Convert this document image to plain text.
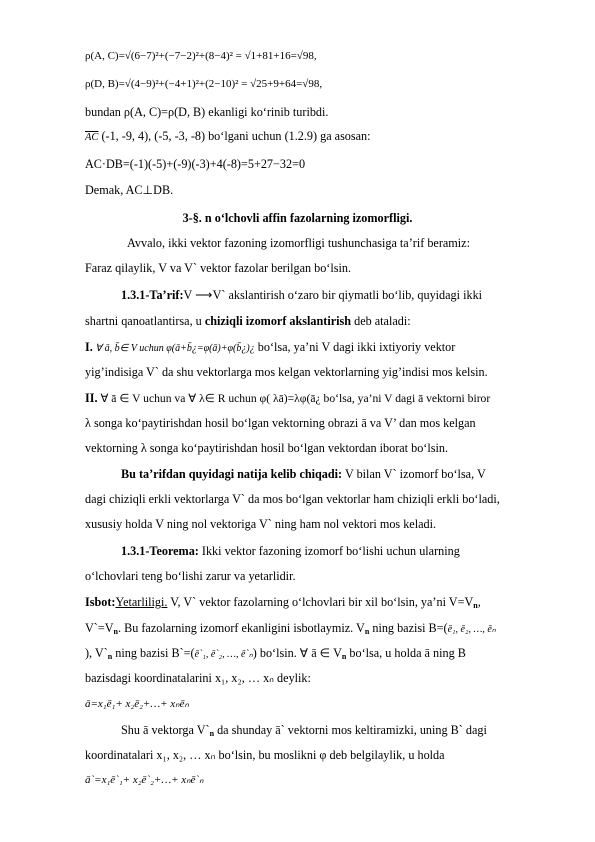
ρ(A, C)=√(6−7)²+(−7−2)²+(8−4)² = √1+81+16=√98,
ρ(D, B)=√(4−9)²+(−4+1)²+(2−10)² = √25+9+64=√98,
bundan ρ(A, C)=ρ(D, B) ekanligi ko‘rinib turibdi.
$\overline{AC}$ (-1, -9, 4), (-5, -3, -8) bo‘lgani uchun (1.2.9) ga asosan:
AC·DB=(-1)(-5)+(-9)(-3)+4(-8)=5+27−32=0
Demak, AC⊥DB.
3-§. n o‘lchovli affin fazolarning izomorfligi.
Avvalo, ikki vektor fazoning izomorfligi tushunchasiga ta’rif beramiz:
Faraz qilaylik, V va V` vektor fazolar berilgan bo‘lsin.
1.3.1-Ta’rif:V ⟶V` akslantirish o‘zaro bir qiymatli bo‘lib, quyidagi ikki
shartni qanoatlantirsa, u chiziqli izomorf akslantirish deb ataladi:
I. ∀ ā, b̄∈ V uchun φ(ā+b̄¿=φ(ā)+φ(b̄¿)¿ bo‘lsa, ya’ni V dagi ikki ixtiyoriy vektor
yig’indisiga V` da shu vektorlarga mos kelgan vektorlarning yig’indisi mos kelsin.
II. ∀ ā ∈ V uchun va ∀ λ∈ R uchun φ( λā)=λφ(ā¿ bo‘lsa, ya’ni V dagi ā vektorni biror
λ songa ko‘paytirishdan hosil bo‘lgan vektorning obrazi ā va V’ dan mos kelgan
vektorning λ songa ko‘paytirishdan hosil bo‘lgan vektordan iborat bo‘lsin.
Bu ta’rifdan quyidagi natija kelib chiqadi: V bilan V` izomorf bo‘lsa, V
dagi chiziqli erkli vektorlarga V` da mos bo‘lgan vektorlar ham chiziqli erkli bo‘ladi,
xususiy holda V ning nol vektoriga V` ning ham nol vektori mos keladi.
1.3.1-Teorema: Ikki vektor fazoning izomorf bo‘lishi uchun ularning
o‘lchovlari teng bo‘lishi zarur va yetarlidir.
Isbot:Yetarliligi. V, V` vektor fazolarning o‘lchovlari bir xil bo‘lsin, ya’ni $V=V_n$,
$V`=V_n$. Bu fazolarning izomorf ekanligini isbotlaymiz. $V_n$ ning bazisi B=(ē₁, ē₂, …, ēₙ
), $V`_n$ ning bazisi B`=(ē`₁, ē`₂, …, ē`ₙ) bo‘lsin. ∀ ā ∈ $V_n$ bo‘lsa, u holda ā ning B
bazisdagi koordinatalarini x₁, x₂, … xₙ deylik:
ā=x₁ē₁+ x₂ē₂+…+ xₙēₙ
Shu ā vektorga $V`_n$ da shunday ā` vektorni mos keltiramizki, uning B` dagi
koordinatalari x₁, x₂, … xₙ bo‘lsin, bu moslikni φ deb belgilaylik, u holda
ā`=x₁ē`₁+ x₂ē`₂+…+ xₙē`ₙ
